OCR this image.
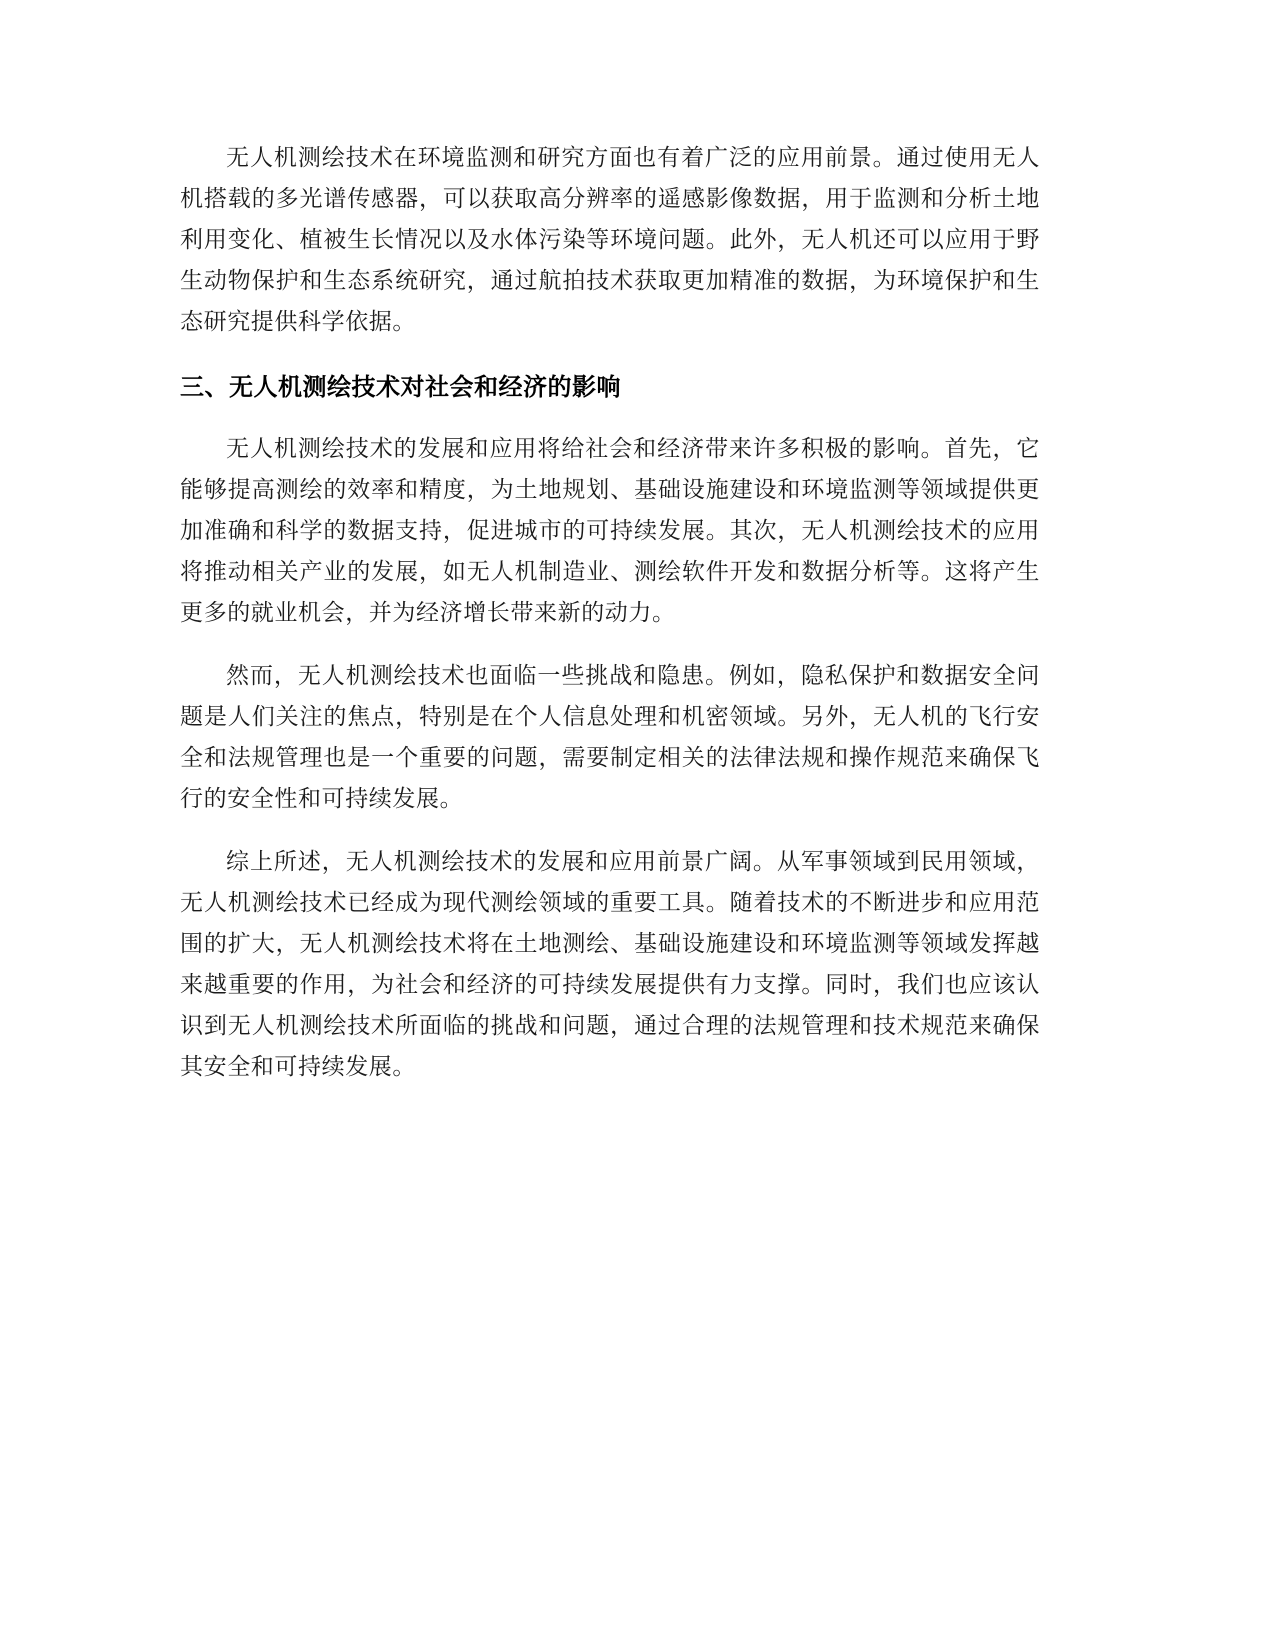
无人机测绘技术在环境监测和研究方面也有着广泛的应用前景。通过使用无人机搭载的多光谱传感器，可以获取高分辨率的遥感影像数据，用于监测和分析土地利用变化、植被生长情况以及水体污染等环境问题。此外，无人机还可以应用于野生动物保护和生态系统研究，通过航拍技术获取更加精准的数据，为环境保护和生态研究提供科学依据。

三、无人机测绘技术对社会和经济的影响

无人机测绘技术的发展和应用将给社会和经济带来许多积极的影响。首先，它能够提高测绘的效率和精度，为土地规划、基础设施建设和环境监测等领域提供更加准确和科学的数据支持，促进城市的可持续发展。其次，无人机测绘技术的应用将推动相关产业的发展，如无人机制造业、测绘软件开发和数据分析等。这将产生更多的就业机会，并为经济增长带来新的动力。

然而，无人机测绘技术也面临一些挑战和隐患。例如，隐私保护和数据安全问题是人们关注的焦点，特别是在个人信息处理和机密领域。另外，无人机的飞行安全和法规管理也是一个重要的问题，需要制定相关的法律法规和操作规范来确保飞行的安全性和可持续发展。

综上所述，无人机测绘技术的发展和应用前景广阔。从军事领域到民用领域，无人机测绘技术已经成为现代测绘领域的重要工具。随着技术的不断进步和应用范围的扩大，无人机测绘技术将在土地测绘、基础设施建设和环境监测等领域发挥越来越重要的作用，为社会和经济的可持续发展提供有力支撑。同时，我们也应该认识到无人机测绘技术所面临的挑战和问题，通过合理的法规管理和技术规范来确保其安全和可持续发展。
